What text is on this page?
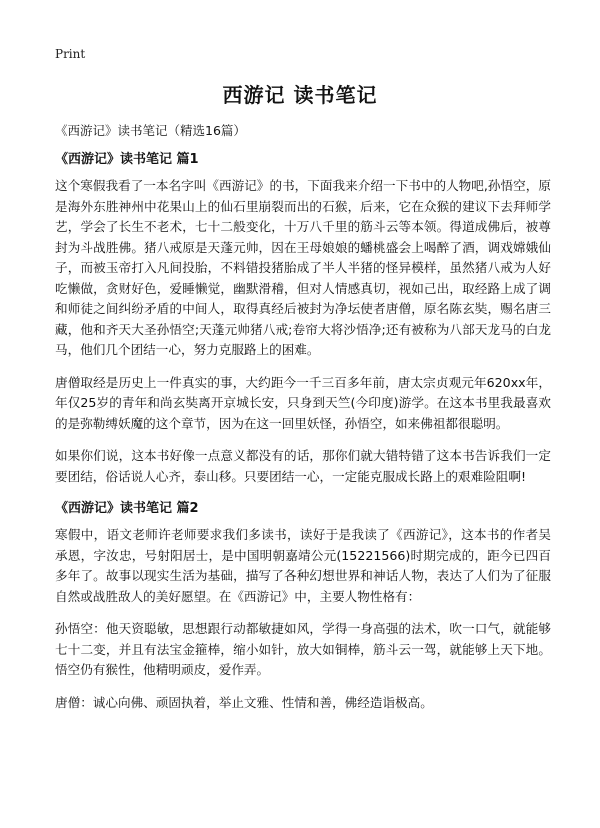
Print
西游记 读书笔记
《西游记》读书笔记（精选16篇）
《西游记》读书笔记 篇1

这个寒假我看了一本名字叫《西游记》的书，下面我来介绍一下书中的人物吧,孙悟空，原是海外东胜神州中花果山上的仙石里崩裂而出的石猴，后来，它在众猴的建议下去拜师学艺，学会了长生不老术，七十二般变化，十万八千里的筋斗云等本领。得道成佛后，被尊封为斗战胜佛。猪八戒原是天蓬元帅，因在王母娘娘的蟠桃盛会上喝醉了酒，调戏嫦娥仙子，而被玉帝打入凡间投胎，不料错投猪胎成了半人半猪的怪异模样，虽然猪八戒为人好吃懒做，贪财好色，爱睡懒觉，幽默滑稽，但对人情感真切，视如己出，取经路上成了调和师徒之间纠纷矛盾的中间人，取得真经后被封为净坛使者唐僧，原名陈玄奘，赐名唐三藏，他和齐天大圣孙悟空;天蓬元帅猪八戒;卷帘大将沙悟净;还有被称为八部天龙马的白龙马，他们几个团结一心，努力克服路上的困难。

唐僧取经是历史上一件真实的事，大约距今一千三百多年前，唐太宗贞观元年620xx年，年仅25岁的青年和尚玄奘离开京城长安，只身到天竺(今印度)游学。在这本书里我最喜欢的是弥勒缚妖魔的这个章节，因为在这一回里妖怪，孙悟空，如来佛祖都很聪明。

如果你们说，这本书好像一点意义都没有的话，那你们就大错特错了这本书告诉我们一定要团结，俗话说人心齐，泰山移。只要团结一心，一定能克服成长路上的艰难险阻啊!

《西游记》读书笔记 篇2

寒假中，语文老师许老师要求我们多读书，读好于是我读了《西游记》，这本书的作者吴承恩，字汝忠，号射阳居士，是中国明朝嘉靖公元(15221566)时期完成的，距今已四百多年了。故事以现实生活为基础，描写了各种幻想世界和神话人物，表达了人们为了征服自然或战胜敌人的美好愿望。在《西游记》中，主要人物性格有：

孙悟空：他天资聪敏，思想跟行动都敏捷如风，学得一身高强的法术，吹一口气，就能够七十二变，并且有法宝金箍棒，缩小如针，放大如铜棒，筋斗云一驾，就能够上天下地。悟空仍有猴性，他精明顽皮，爱作弄。

唐僧：诚心向佛、顽固执着，举止文雅、性情和善，佛经造诣极高。
